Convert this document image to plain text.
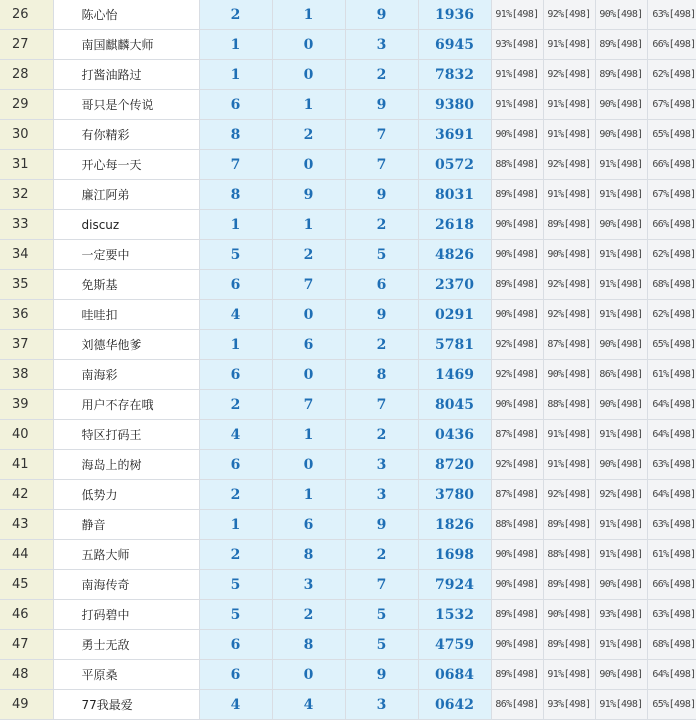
26	陈心怡	2	1	9	1936	91%[498]	92%[498]	90%[498]	63%[498]
27	南国麒麟大师	1	0	3	6945	93%[498]	91%[498]	89%[498]	66%[498]
28	打酱油路过	1	0	2	7832	91%[498]	92%[498]	89%[498]	62%[498]
29	哥只是个传说	6	1	9	9380	91%[498]	91%[498]	90%[498]	67%[498]
30	有你精彩	8	2	7	3691	90%[498]	91%[498]	90%[498]	65%[498]
31	开心每一天	7	0	7	0572	88%[498]	92%[498]	91%[498]	66%[498]
32	廉江阿弟	8	9	9	8031	89%[498]	91%[498]	91%[498]	67%[498]
33	discuz	1	1	2	2618	90%[498]	89%[498]	90%[498]	66%[498]
34	一定要中	5	2	5	4826	90%[498]	90%[498]	91%[498]	62%[498]
35	免斯基	6	7	6	2370	89%[498]	92%[498]	91%[498]	68%[498]
36	哇哇扣	4	0	9	0291	90%[498]	92%[498]	91%[498]	62%[498]
37	刘德华他爹	1	6	2	5781	92%[498]	87%[498]	90%[498]	65%[498]
38	南海彩	6	0	8	1469	92%[498]	90%[498]	86%[498]	61%[498]
39	用户不存在哦	2	7	7	8045	90%[498]	88%[498]	90%[498]	64%[498]
40	特区打码王	4	1	2	0436	87%[498]	91%[498]	91%[498]	64%[498]
41	海岛上的树	6	0	3	8720	92%[498]	91%[498]	90%[498]	63%[498]
42	低势力	2	1	3	3780	87%[498]	92%[498]	92%[498]	64%[498]
43	静音	1	6	9	1826	88%[498]	89%[498]	91%[498]	63%[498]
44	五路大师	2	8	2	1698	90%[498]	88%[498]	91%[498]	61%[498]
45	南海传奇	5	3	7	7924	90%[498]	89%[498]	90%[498]	66%[498]
46	打码碧中	5	2	5	1532	89%[498]	90%[498]	93%[498]	63%[498]
47	勇士无敌	6	8	5	4759	90%[498]	89%[498]	91%[498]	68%[498]
48	平原桑	6	0	9	0684	89%[498]	91%[498]	90%[498]	64%[498]
49	77我最爱	4	4	3	0642	86%[498]	93%[498]	91%[498]	65%[498]
